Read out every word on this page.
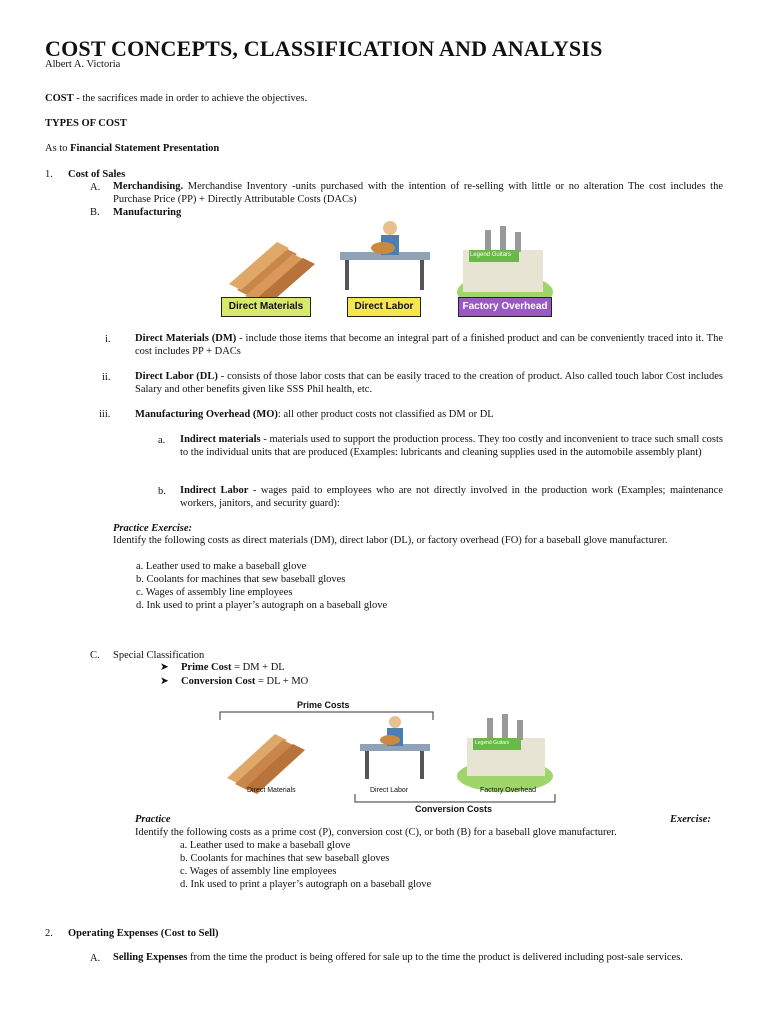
COST CONCEPTS, CLASSIFICATION AND ANALYSIS
Albert A. Victoria
COST - the sacrifices made in order to achieve the objectives.
TYPES OF COST
As to Financial Statement Presentation
1. Cost of Sales
A. Merchandising. Merchandise Inventory -units purchased with the intention of re-selling with little or no alteration The cost includes the Purchase Price (PP) + Directly Attributable Costs (DACs)
B. Manufacturing
Legend Guitars
Direct Materials	Direct Labor	Factory Overhead
i. Direct Materials (DM) - include those items that become an integral part of a finished product and can be conveniently traced into it. The cost includes PP + DACs
ii. Direct Labor (DL) - consists of those labor costs that can be easily traced to the creation of product. Also called touch labor Cost includes Salary and other benefits given like SSS Phil health, etc.
iii. Manufacturing Overhead (MO): all other product costs not classified as DM or DL
a. Indirect materials - materials used to support the production process. They too costly and inconvenient to trace such small costs to the individual units that are produced (Examples: lubricants and cleaning supplies used in the automobile assembly plant)
b. Indirect Labor - wages paid to employees who are not directly involved in the production work (Examples; maintenance workers, janitors, and security guard):
Practice Exercise:
Identify the following costs as direct materials (DM), direct labor (DL), or factory overhead (FO) for a baseball glove manufacturer.
a. Leather used to make a baseball glove
b. Coolants for machines that sew baseball gloves
c. Wages of assembly line employees
d. Ink used to print a player’s autograph on a baseball glove
C. Special Classification
➤ Prime Cost = DM + DL
➤ Conversion Cost = DL + MO
Prime Costs
Legend Guitars
Direct Materials	Direct Labor	Factory Overhead
Conversion Costs
Practice	Exercise:
Identify the following costs as a prime cost (P), conversion cost (C), or both (B) for a baseball glove manufacturer.
a. Leather used to make a baseball glove
b. Coolants for machines that sew baseball gloves
c. Wages of assembly line employees
d. Ink used to print a player’s autograph on a baseball glove
2. Operating Expenses (Cost to Sell)
A. Selling Expenses from the time the product is being offered for sale up to the time the product is delivered including post-sale services.
